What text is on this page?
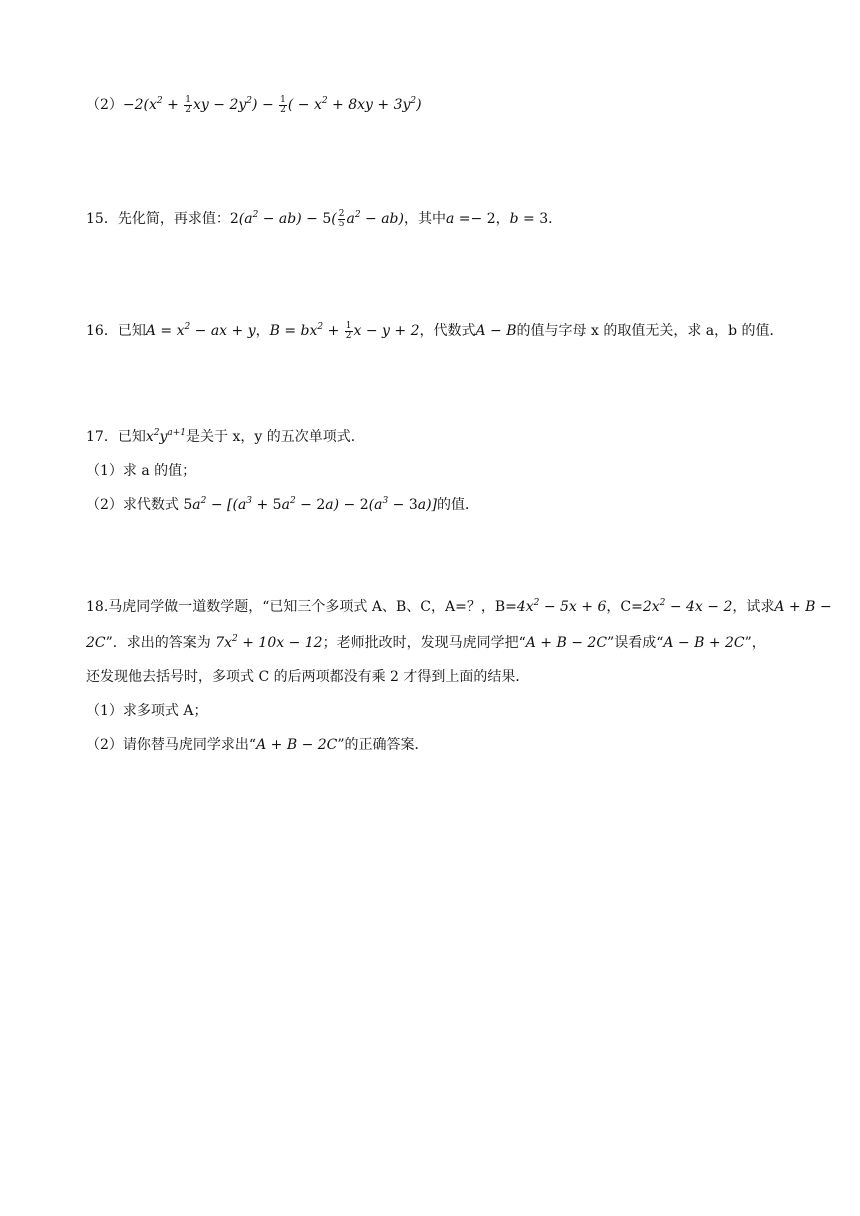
$(2)-2(x^2 + \frac{1}{2}$ xy − $2y^2) - \frac{1}{2}$ ( − $x^2 + 8xy + 3y^2$)
15．先化简，再求值：$2(a^2 - ab) - 5( \frac{2}{5} a^2 - ab)$，其中a =− 2，b = 3.
16．已知$A = x^2$ − ax + y，$B = bx^2 + \frac{1}{2}$ x − y + 2，代数式A − B的值与字母 x 的取值无关，求 a，b 的值．
17．已知$x^2y^{a+1}$是关于 x，y 的五次单项式．
（1）求 a 的值；
（2）求代数式 $5a^2 - [(a^3 + 5a^2 - 2a) - 2(a^3 - 3a)]$的值．
18.马虎同学做一道数学题，“已知三个多项式 A、B、C，A=？，$B=4x^2 - 5x + 6$，$C=2x^2 - 4x - 2$，试求A + B −
2C”．求出的答案为 $7x^2 + 10x - 12$；老师批改时，发现马虎同学把“A + B − 2C”误看成“A − B + 2C”，
还发现他去括号时，多项式 C 的后两项都没有乘 2 才得到上面的结果．
（1）求多项式 A；
（2）请你替马虎同学求出“A + B − 2C”的正确答案．
